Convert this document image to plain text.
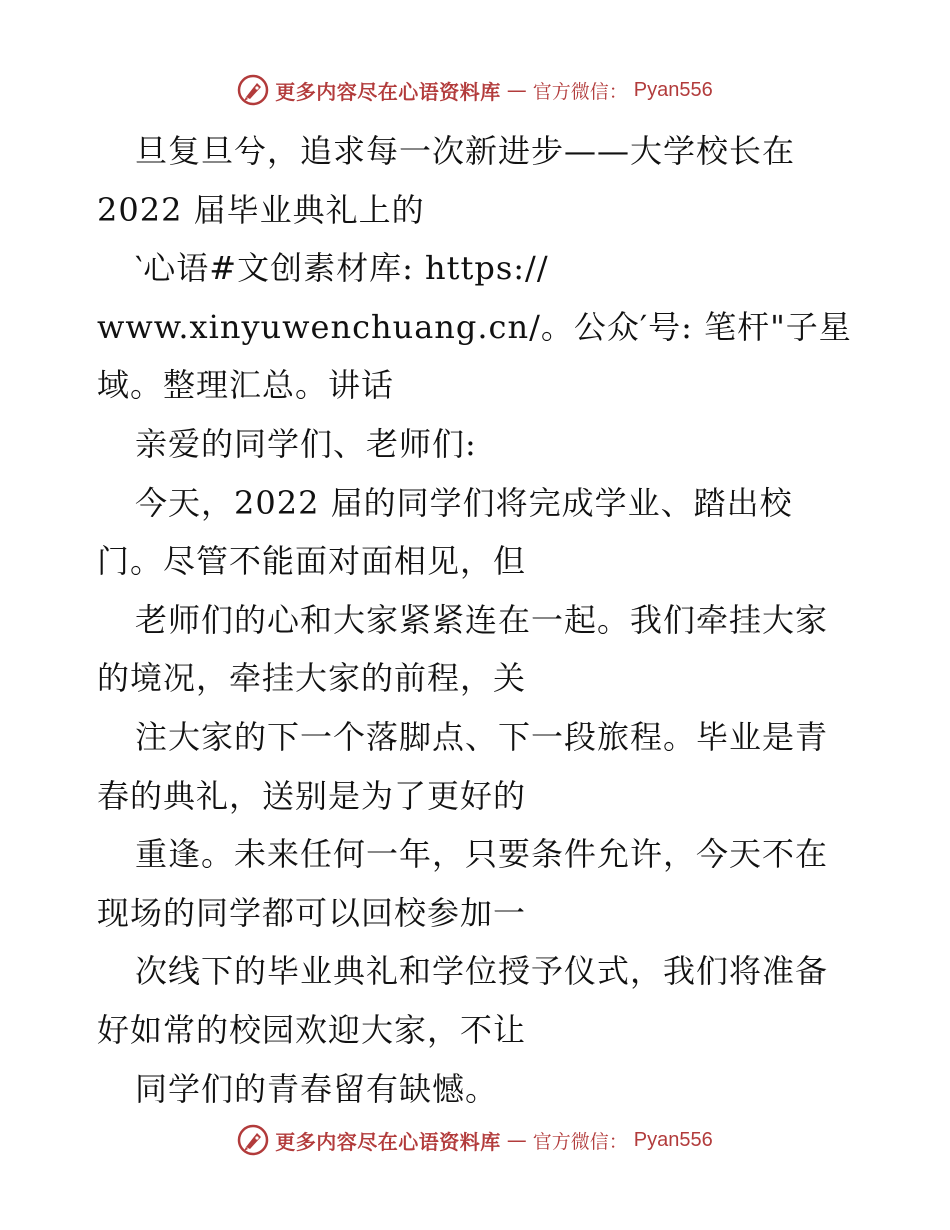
更多内容尽在心语资料库 — 官方微信： Pyan556
旦复旦兮，追求每一次新进步——大学校长在
2022 届毕业典礼上的
‵心语#文创素材库: https://
www.xinyuwenchuang.cn/。公众′号: 笔杆"子星
域。整理汇总。讲话
亲爱的同学们、老师们:
今天，2022 届的同学们将完成学业、踏出校
门。尽管不能面对面相见，但
老师们的心和大家紧紧连在一起。我们牵挂大家
的境况，牵挂大家的前程，关
注大家的下一个落脚点、下一段旅程。毕业是青
春的典礼，送别是为了更好的
重逢。未来任何一年，只要条件允许，今天不在
现场的同学都可以回校参加一
次线下的毕业典礼和学位授予仪式，我们将准备
好如常的校园欢迎大家，不让
同学们的青春留有缺憾。
更多内容尽在心语资料库 — 官方微信： Pyan556
